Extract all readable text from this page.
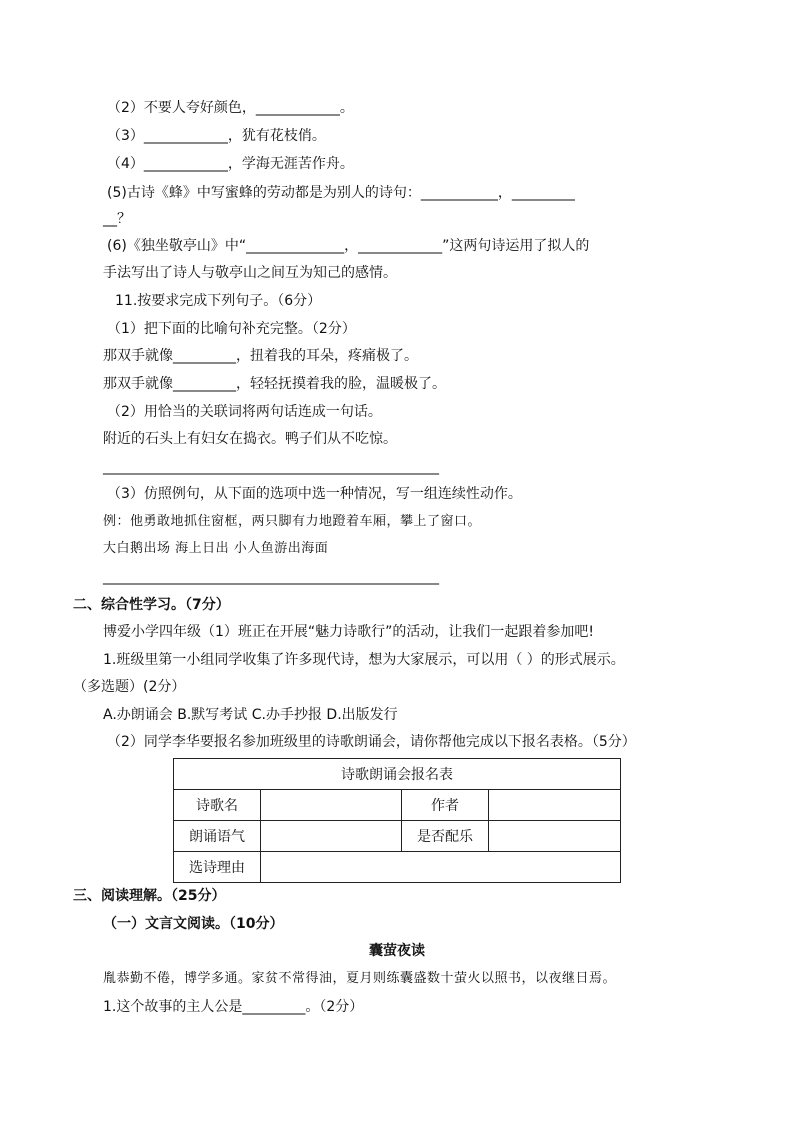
（2）不要人夸好颜色，____________。
（3）____________，犹有花枝俏。
（4）____________，学海无涯苦作舟。
(5)古诗《蜂》中写蜜蜂的劳动都是为别人的诗句：___________，_________
__？
(6)《独坐敬亭山》中“______________，____________”这两句诗运用了拟人的
手法写出了诗人与敬亭山之间互为知己的感情。
11.按要求完成下列句子。（6分）
（1）把下面的比喻句补充完整。（2分）
那双手就像_________，扭着我的耳朵，疼痛极了。
那双手就像_________，轻轻抚摸着我的脸，温暖极了。
（2）用恰当的关联词将两句话连成一句话。
附近的石头上有妇女在捣衣。鸭子们从不吃惊。
________________________________________________
（3）仿照例句，从下面的选项中选一种情况，写一组连续性动作。
例：他勇敢地抓住窗框，两只脚有力地蹬着车厢，攀上了窗口。
大白鹅出场 海上日出 小人鱼游出海面
________________________________________________
二、综合性学习。（7分）
博爱小学四年级（1）班正在开展“魅力诗歌行”的活动，让我们一起跟着参加吧!
1.班级里第一小组同学收集了许多现代诗，想为大家展示，可以用（ ）的形式展示。
（多选题）(2分）
A.办朗诵会 B.默写考试 C.办手抄报 D.出版发行
（2）同学李华要报名参加班级里的诗歌朗诵会，请你帮他完成以下报名表格。（5分）
诗歌朗诵会报名表			
诗歌名		作者	
朗诵语气		是否配乐	
选诗理由			
三、阅读理解。（25分）
（一）文言文阅读。（10分）
囊萤夜读
胤恭勤不倦，博学多通。家贫不常得油，夏月则练囊盛数十萤火以照书，以夜继日焉。
1.这个故事的主人公是_________。（2分）
